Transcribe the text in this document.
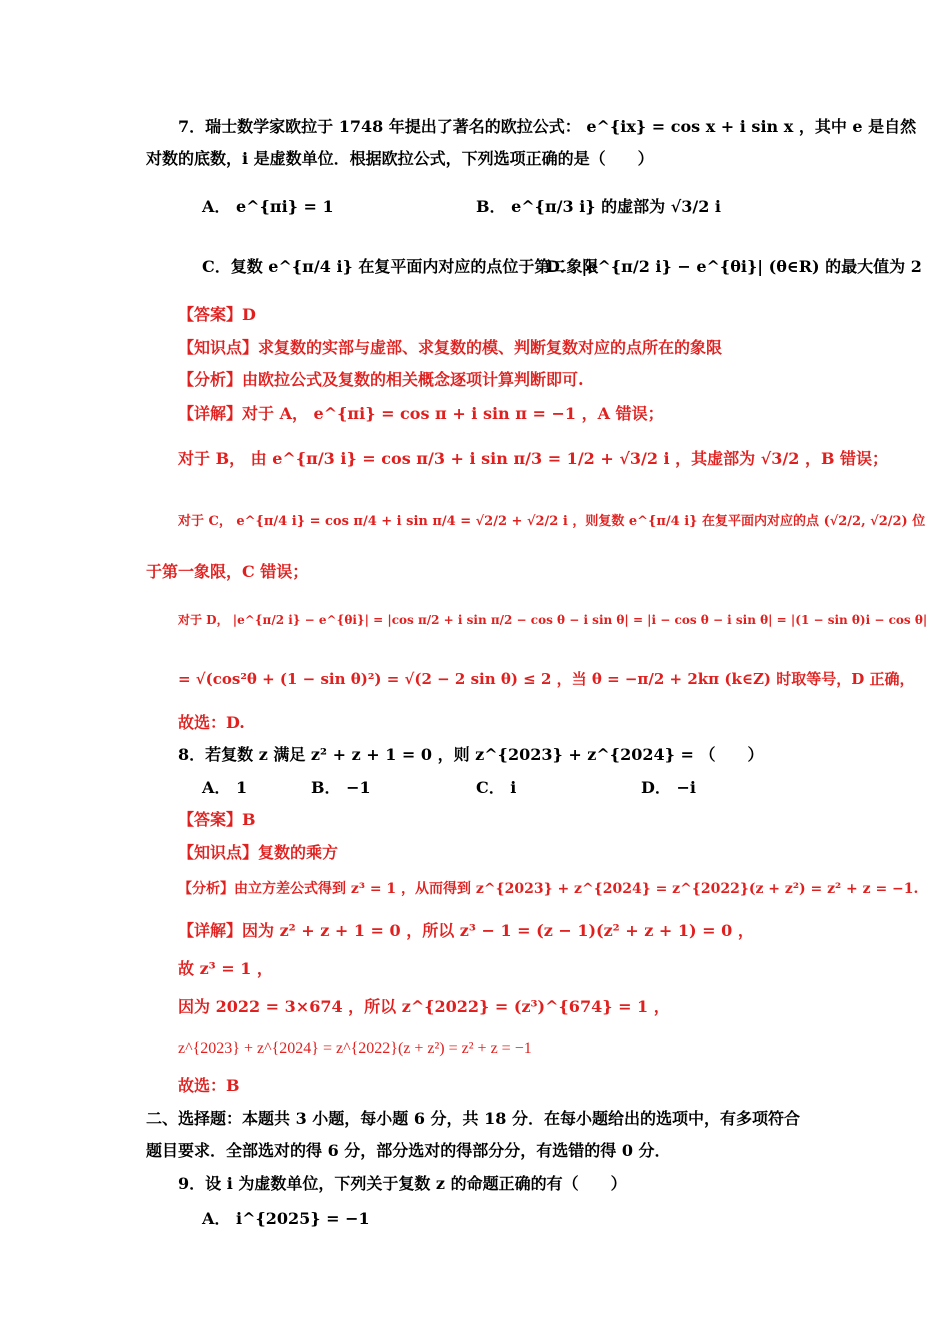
7．瑞士数学家欧拉于 1748 年提出了著名的欧拉公式： e^{ix} = cos x + i sin x ，其中 e 是自然
对数的底数，i 是虚数单位．根据欧拉公式，下列选项正确的是（　　）
A． e^{πi} = 1	B． e^{π/3 i} 的虚部为 √3/2 i
C．复数 e^{π/4 i} 在复平面内对应的点位于第二象限
D． |e^{π/2 i} − e^{θi}| (θ∈R) 的最大值为 2
【答案】D
【知识点】求复数的实部与虚部、求复数的模、判断复数对应的点所在的象限
【分析】由欧拉公式及复数的相关概念逐项计算判断即可.
【详解】对于 A， e^{πi} = cos π + i sin π = −1 ，A 错误；
对于 B， 由 e^{π/3 i} = cos π/3 + i sin π/3 = 1/2 + √3/2 i ，其虚部为 √3/2 ，B 错误；
对于 C， e^{π/4 i} = cos π/4 + i sin π/4 = √2/2 + √2/2 i ，则复数 e^{π/4 i} 在复平面内对应的点 (√2/2, √2/2) 位
于第一象限，C 错误；
对于 D， |e^{π/2 i} − e^{θi}| = |cos π/2 + i sin π/2 − cos θ − i sin θ| = |i − cos θ − i sin θ| = |(1 − sin θ)i − cos θ|
= √(cos²θ + (1 − sin θ)²) = √(2 − 2 sin θ) ≤ 2 ，当 θ = −π/2 + 2kπ (k∈Z) 时取等号，D 正确，
故选：D.
8．若复数 z 满足 z² + z + 1 = 0 ，则 z^{2023} + z^{2024} = （　　）
A． 1	B． −1	C． i	D． −i
【答案】B
【知识点】复数的乘方
【分析】由立方差公式得到 z³ = 1 ，从而得到 z^{2023} + z^{2024} = z^{2022}(z + z²) = z² + z = −1.
【详解】因为 z² + z + 1 = 0 ，所以 z³ − 1 = (z − 1)(z² + z + 1) = 0 ，
故 z³ = 1 ，
因为 2022 = 3×674 ，所以 z^{2022} = (z³)^{674} = 1 ，
z^{2023} + z^{2024} = z^{2022}(z + z²) = z² + z = −1
故选：B
二、选择题：本题共 3 小题，每小题 6 分，共 18 分．在每小题给出的选项中，有多项符合
题目要求．全部选对的得 6 分，部分选对的得部分分，有选错的得 0 分．
9．设 i 为虚数单位，下列关于复数 z 的命题正确的有（　　）
A． i^{2025} = −1
